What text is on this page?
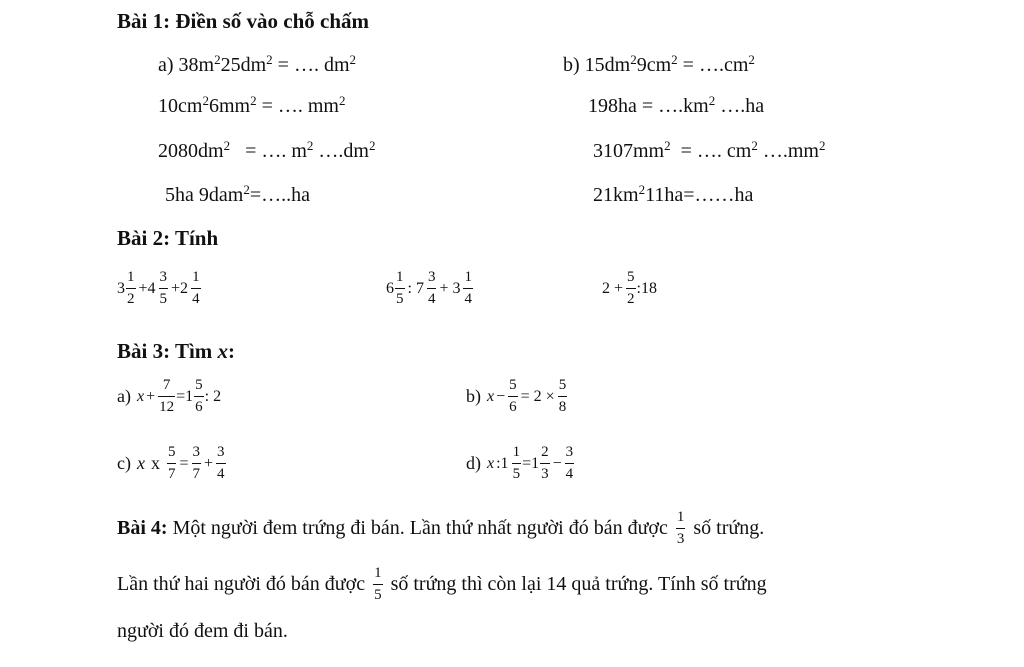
Bài 1: Điền số vào chỗ chấm
a) $38m^225dm^2$ = …. $dm^2$	b) $15dm^29cm^2$ = $\dots.cm^2$
$10cm^26mm^2$ = …. $mm^2$	$198ha = \dots.km^2$ ….ha
$2080dm^2$   = …. $m^2$ $\dots.dm^2$	$3107mm^2$  = …. $cm^2$ $\dots.mm^2$
5ha 9dam$^2$=…..ha	$21km^211ha=\dots\dots ha$
Bài 2: Tính
$3 \frac{1}{2} +4 \frac{3}{5} +2 \frac{1}{4}$	$6 \frac{1}{5}$ : $7 \frac{3}{4} + 3 \frac{1}{4}$	$2 + \frac{5}{2}$ :18
Bài 3: Tìm x:
a) $x + \frac{7}{12} =1 \frac{5}{6}$ : 2	b) $x - \frac{5}{6} = 2 \times \frac{5}{8}$
c) x x $\frac{5}{7} = \frac{3}{7} + \frac{3}{4}$	d) x :1 $\frac{1}{5} =1 \frac{2}{3} - \frac{3}{4}$
Bài 4: Một người đem trứng đi bán. Lần thứ nhất người đó bán được $\frac{1}{3}$ số trứng.
Lần thứ hai người đó bán được $\frac{1}{5}$ số trứng thì còn lại 14 quả trứng. Tính số trứng
người đó đem đi bán.
